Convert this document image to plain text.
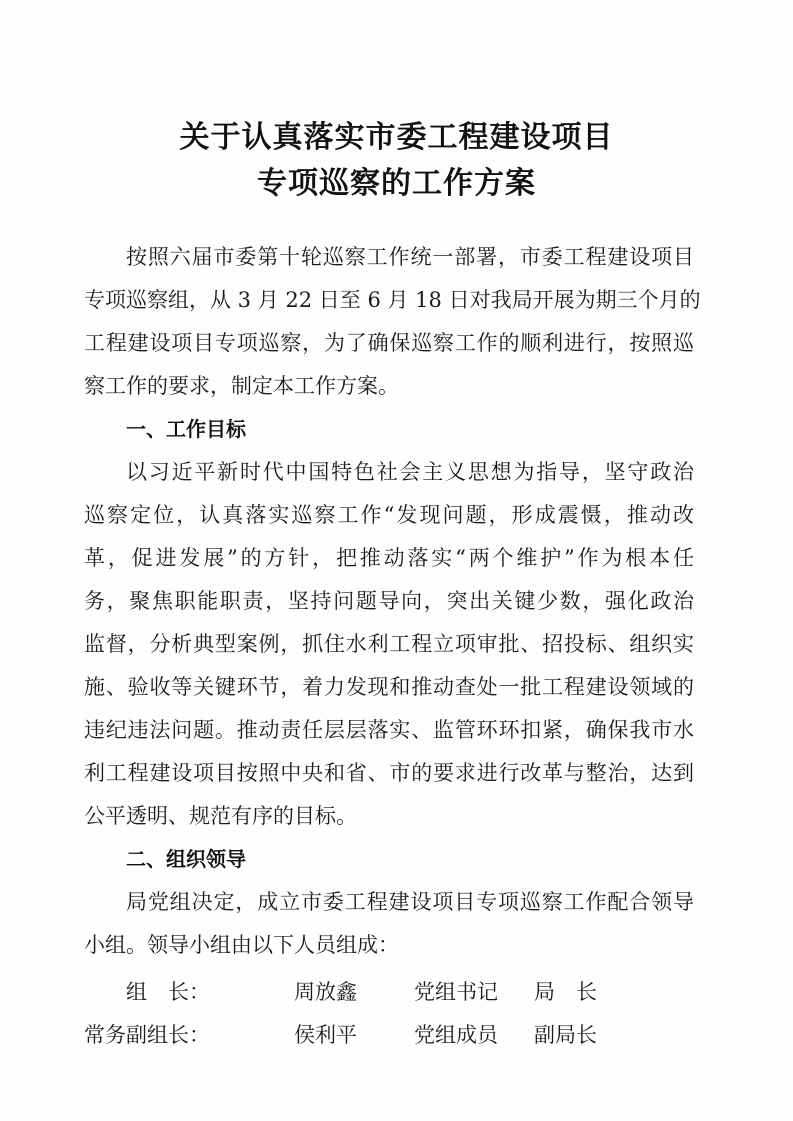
关于认真落实市委工程建设项目
专项巡察的工作方案
按照六届市委第十轮巡察工作统一部署，市委工程建设项目
专项巡察组，从 3 月 22 日至 6 月 18 日对我局开展为期三个月的
工程建设项目专项巡察，为了确保巡察工作的顺利进行，按照巡
察工作的要求，制定本工作方案。
一、工作目标
以习近平新时代中国特色社会主义思想为指导，坚守政治
巡察定位，认真落实巡察工作“发现问题，形成震慑，推动改
革，促进发展”的方针，把推动落实“两个维护”作为根本任
务，聚焦职能职责，坚持问题导向，突出关键少数，强化政治
监督，分析典型案例，抓住水利工程立项审批、招投标、组织实
施、验收等关键环节，着力发现和推动查处一批工程建设领域的
违纪违法问题。推动责任层层落实、监管环环扣紧，确保我市水
利工程建设项目按照中央和省、市的要求进行改革与整治，达到
公平透明、规范有序的目标。
二、组织领导
局党组决定，成立市委工程建设项目专项巡察工作配合领导
小组。领导小组由以下人员组成：
组　长：	周放鑫	党组书记 局　长
常务副组长：	侯利平	党组成员 副局长
